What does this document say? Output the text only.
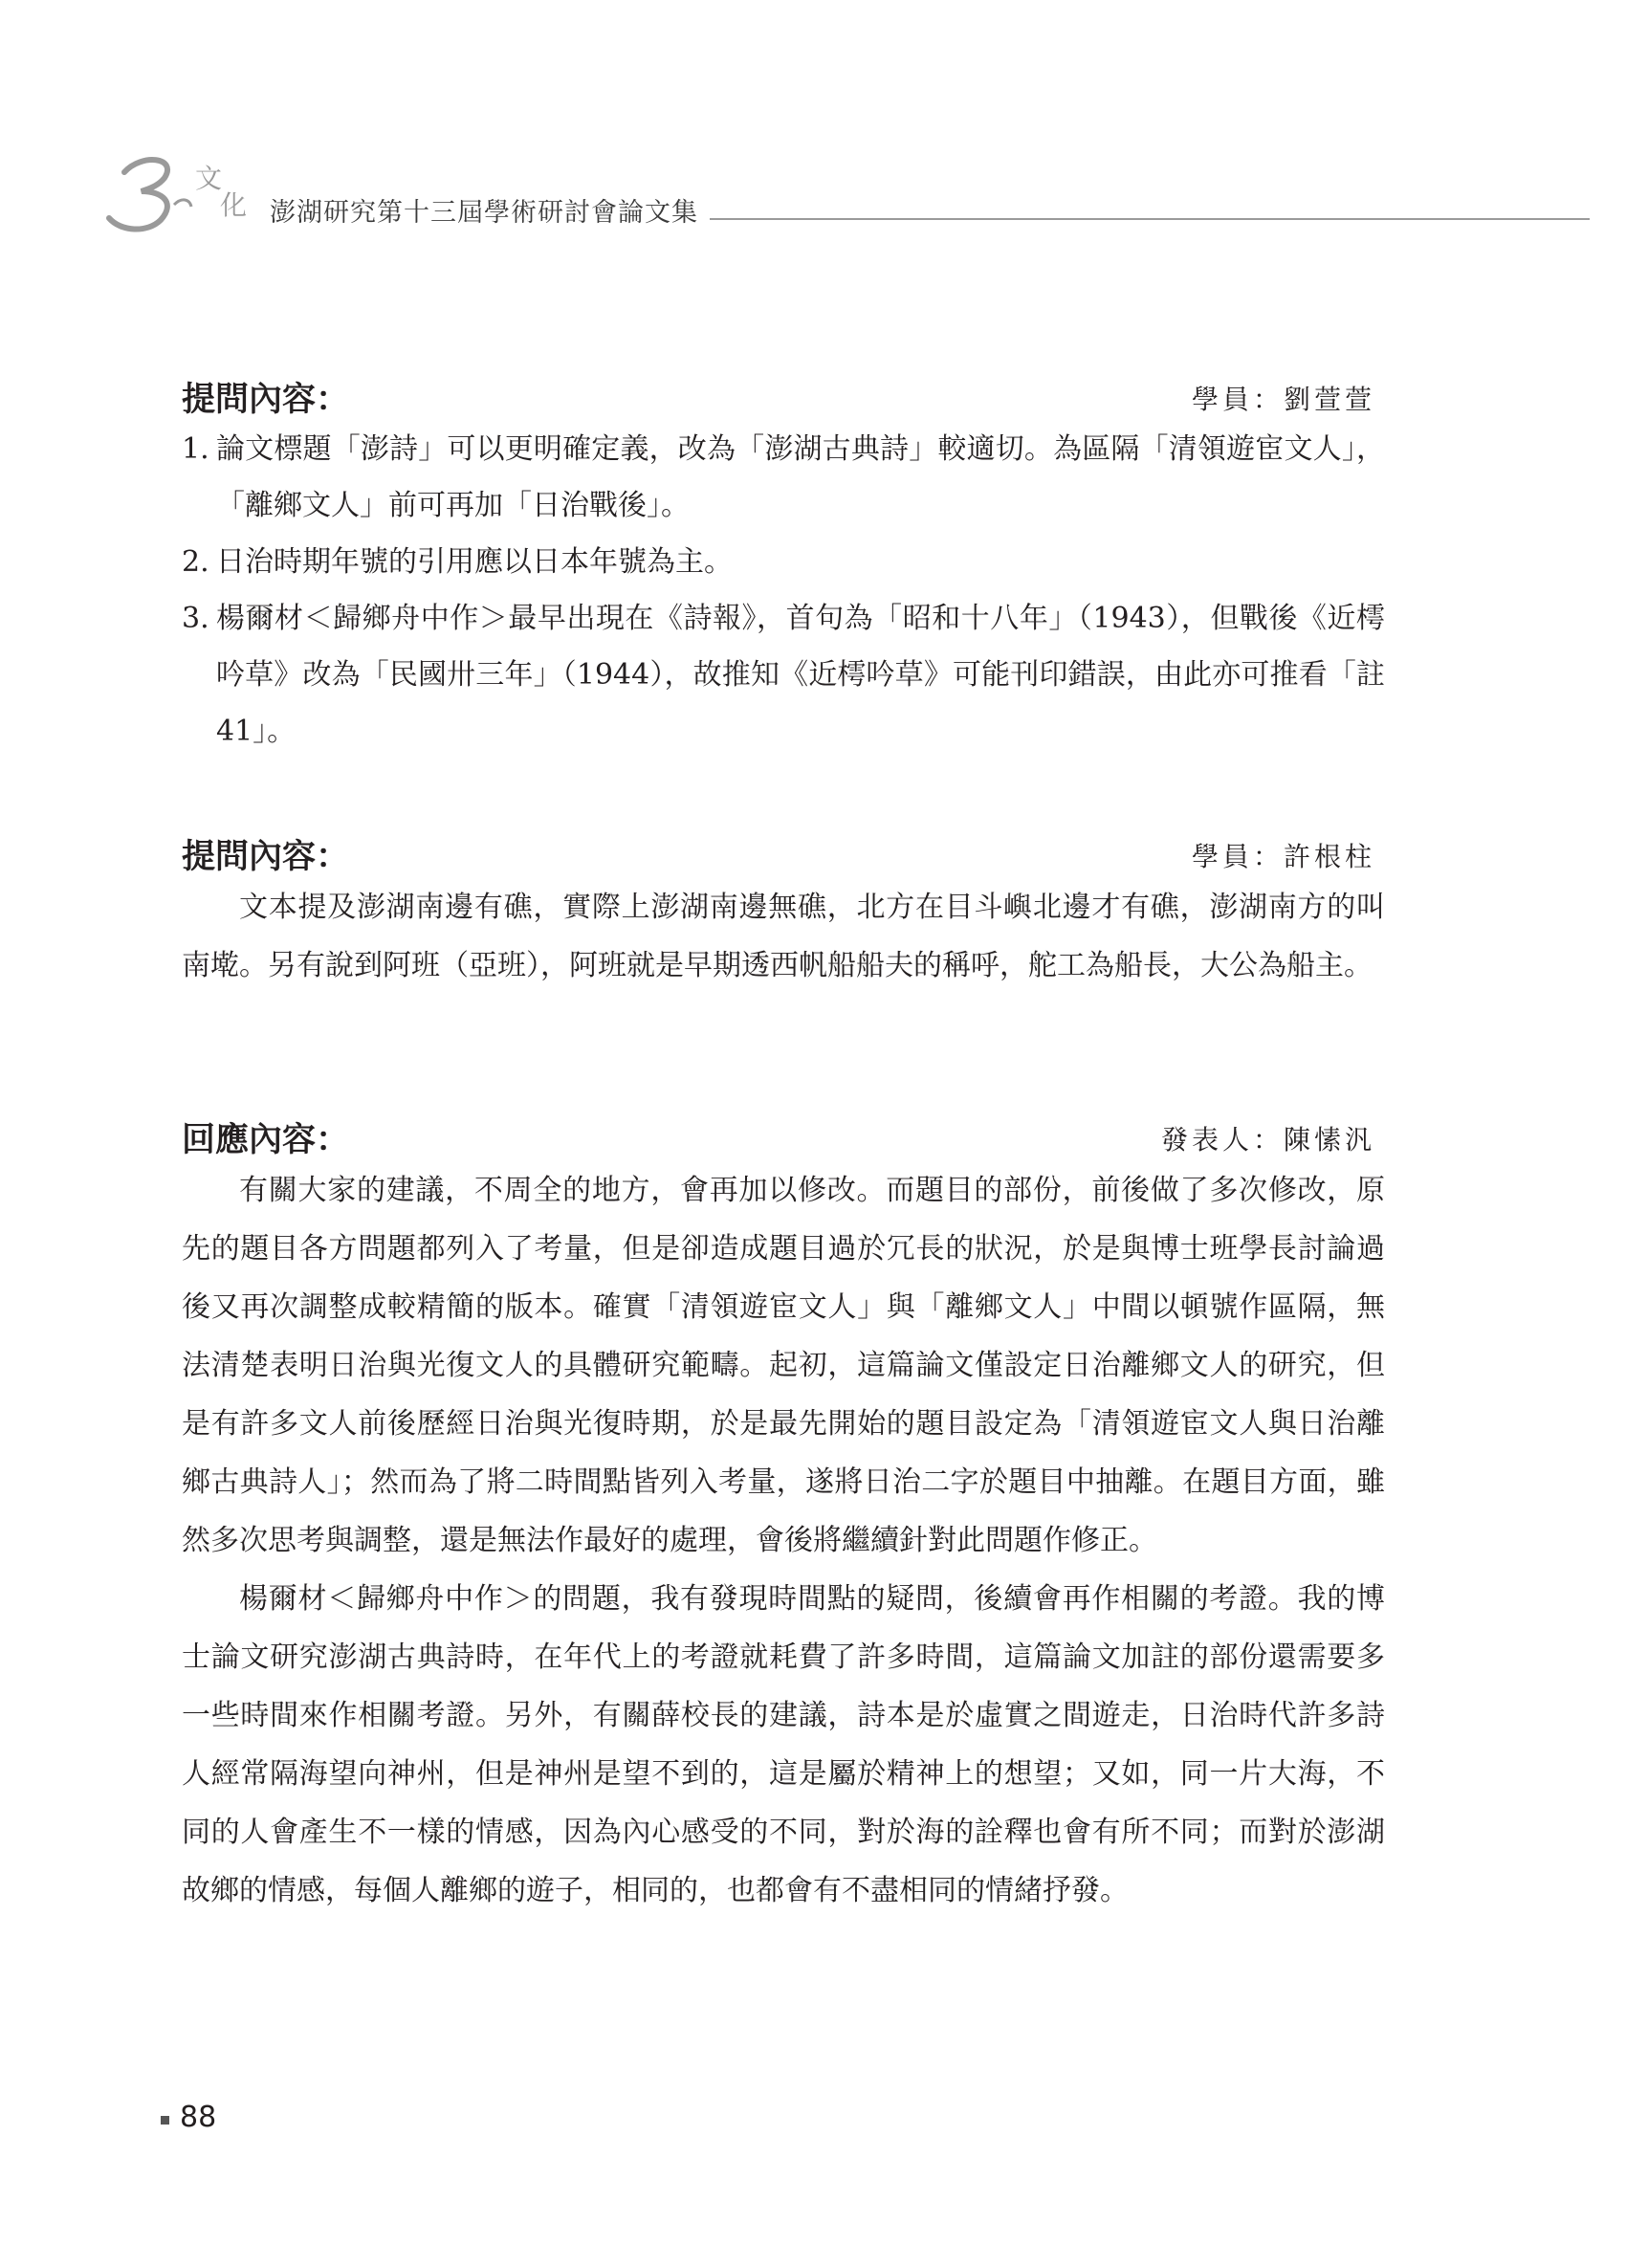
文
化 澎湖研究第十三屆學術研討會論文集
提問內容：	學員：劉萱萱
1. 論文標題「澎詩」可以更明確定義，改為「澎湖古典詩」較適切。為區隔「清領遊宦文人」，「離鄉文人」前可再加「日治戰後」。
2. 日治時期年號的引用應以日本年號為主。
3. 楊爾材＜歸鄉舟中作＞最早出現在《詩報》，首句為「昭和十八年」（1943），但戰後《近樗吟草》改為「民國卅三年」（1944），故推知《近樗吟草》可能刊印錯誤，由此亦可推看「註41」。
提問內容：	學員：許根柱

文本提及澎湖南邊有礁，實際上澎湖南邊無礁，北方在目斗嶼北邊才有礁，澎湖南方的叫南墘。另有說到阿班（亞班），阿班就是早期透西帆船船夫的稱呼，舵工為船長，大公為船主。

回應內容：	發表人：陳愫汎

有關大家的建議，不周全的地方，會再加以修改。而題目的部份，前後做了多次修改，原先的題目各方問題都列入了考量，但是卻造成題目過於冗長的狀況，於是與博士班學長討論過後又再次調整成較精簡的版本。確實「清領遊宦文人」與「離鄉文人」中間以頓號作區隔，無法清楚表明日治與光復文人的具體研究範疇。起初，這篇論文僅設定日治離鄉文人的研究，但是有許多文人前後歷經日治與光復時期，於是最先開始的題目設定為「清領遊宦文人與日治離鄉古典詩人」；然而為了將二時間點皆列入考量，遂將日治二字於題目中抽離。在題目方面，雖然多次思考與調整，還是無法作最好的處理，會後將繼續針對此問題作修正。

楊爾材＜歸鄉舟中作＞的問題，我有發現時間點的疑問，後續會再作相關的考證。我的博士論文研究澎湖古典詩時，在年代上的考證就耗費了許多時間，這篇論文加註的部份還需要多一些時間來作相關考證。另外，有關薛校長的建議，詩本是於虛實之間遊走，日治時代許多詩人經常隔海望向神州，但是神州是望不到的，這是屬於精神上的想望；又如，同一片大海，不同的人會產生不一樣的情感，因為內心感受的不同，對於海的詮釋也會有所不同；而對於澎湖故鄉的情感，每個人離鄉的遊子，相同的，也都會有不盡相同的情緒抒發。

88
